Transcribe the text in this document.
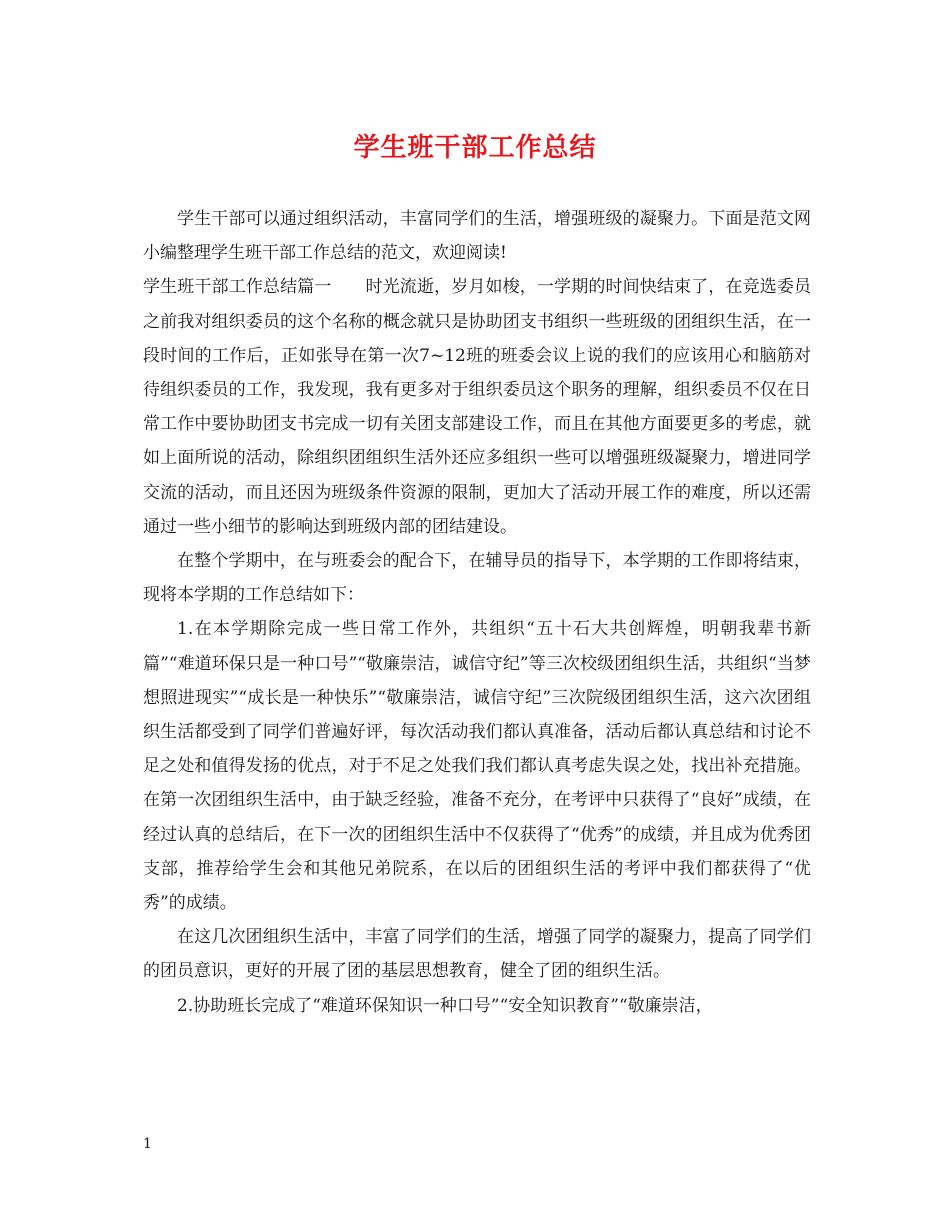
学生班干部工作总结

学生干部可以通过组织活动，丰富同学们的生活，增强班级的凝聚力。下面是范文网小编整理学生班干部工作总结的范文，欢迎阅读!

学生班干部工作总结篇一 时光流逝，岁月如梭，一学期的时间快结束了，在竞选委员之前我对组织委员的这个名称的概念就只是协助团支书组织一些班级的团组织生活，在一段时间的工作后，正如张导在第一次7~12班的班委会议上说的我们的应该用心和脑筋对待组织委员的工作，我发现，我有更多对于组织委员这个职务的理解，组织委员不仅在日常工作中要协助团支书完成一切有关团支部建设工作，而且在其他方面要更多的考虑，就如上面所说的活动，除组织团组织生活外还应多组织一些可以增强班级凝聚力，增进同学交流的活动，而且还因为班级条件资源的限制，更加大了活动开展工作的难度，所以还需通过一些小细节的影响达到班级内部的团结建设。

在整个学期中，在与班委会的配合下，在辅导员的指导下，本学期的工作即将结束，现将本学期的工作总结如下：

1.在本学期除完成一些日常工作外，共组织“五十石大共创辉煌，明朝我辈书新篇”“难道环保只是一种口号”“敬廉崇洁，诚信守纪”等三次校级团组织生活，共组织“当梦想照进现实”“成长是一种快乐”“敬廉崇洁，诚信守纪”三次院级团组织生活，这六次团组织生活都受到了同学们普遍好评，每次活动我们都认真准备，活动后都认真总结和讨论不足之处和值得发扬的优点，对于不足之处我们我们都认真考虑失误之处，找出补充措施。在第一次团组织生活中，由于缺乏经验，准备不充分，在考评中只获得了“良好”成绩，在经过认真的总结后，在下一次的团组织生活中不仅获得了“优秀”的成绩，并且成为优秀团支部，推荐给学生会和其他兄弟院系，在以后的团组织生活的考评中我们都获得了“优秀”的成绩。

在这几次团组织生活中，丰富了同学们的生活，增强了同学的凝聚力，提高了同学们的团员意识，更好的开展了团的基层思想教育，健全了团的组织生活。

2.协助班长完成了“难道环保知识一种口号”“安全知识教育”“敬廉崇洁，

1
